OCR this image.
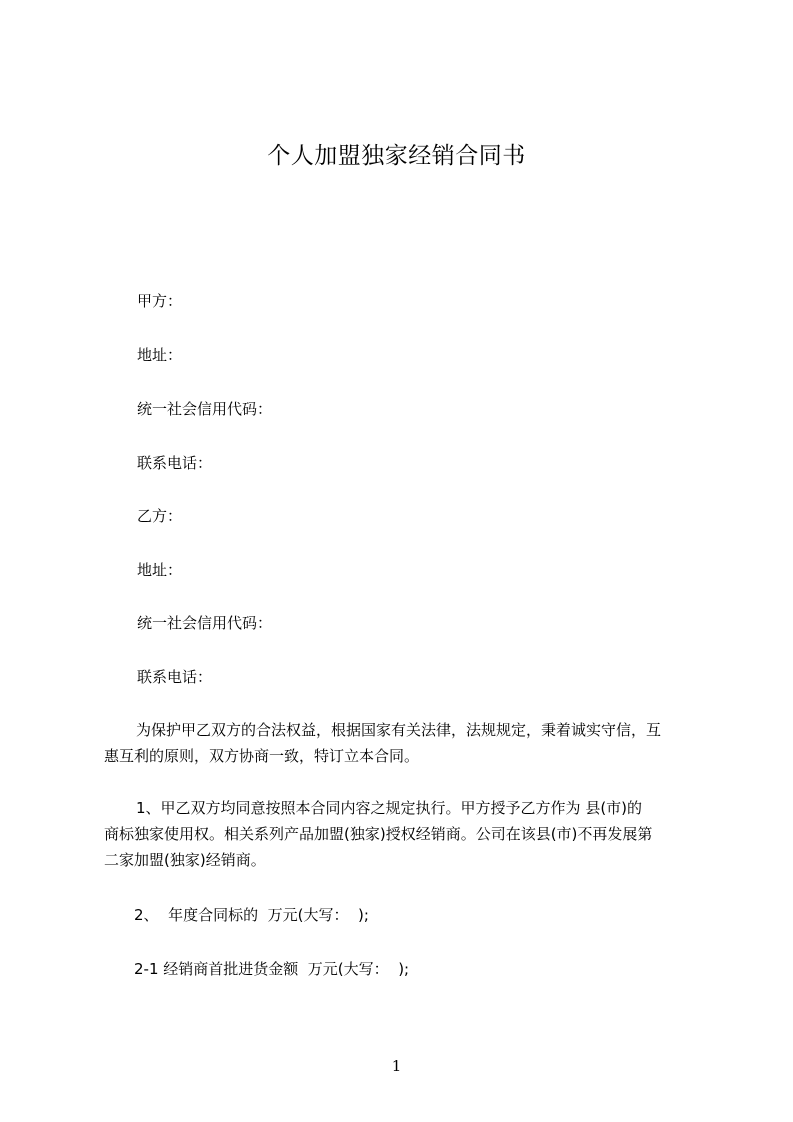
个人加盟独家经销合同书
甲方：
地址：
统一社会信用代码：
联系电话：
乙方：
地址：
统一社会信用代码：
联系电话：
为保护甲乙双方的合法权益，根据国家有关法律，法规规定，秉着诚实守信，互
惠互利的原则，双方协商一致，特订立本合同。
1、甲乙双方均同意按照本合同内容之规定执行。甲方授予乙方作为 县(市)的
商标独家使用权。相关系列产品加盟(独家)授权经销商。公司在该县(市)不再发展第
二家加盟(独家)经销商。
2、  年度合同标的  万元(大写：  );
2-1 经销商首批进货金额  万元(大写：  );
1
